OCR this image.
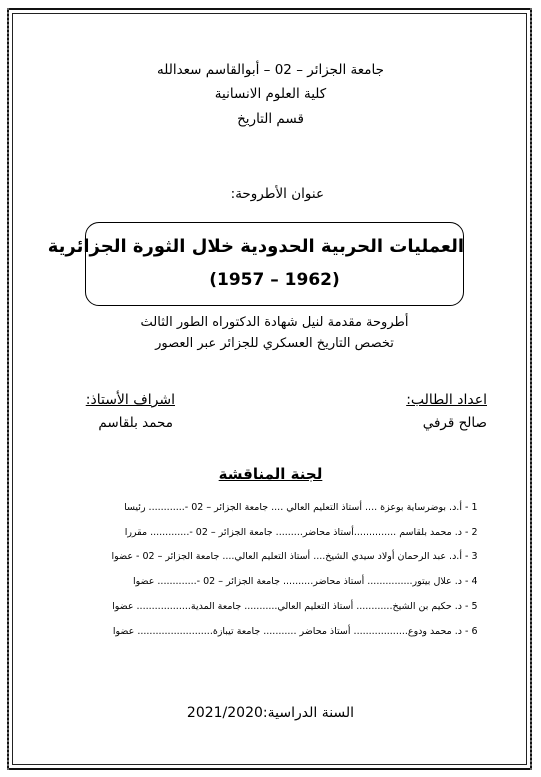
جامعة الجزائر – 02 – أبوالقاسم سعدالله
كلية العلوم الانسانية
قسم التاريخ
عنوان الأطروحة:
العمليات الحربية الحدودية خلال الثورة الجزائرية
(1957 – 1962)
أطروحة مقدمة لنيل شهادة الدكتوراه الطور الثالث
تخصص التاريخ العسكري للجزائر عبر العصور
اعداد الطالب:
صالح قرفي
اشراف الأستاذ:
محمد بلقاسم
لجنة المناقشة
1 - أ.د. بوضرساية بوعزة .... أستاذ التعليم العالي .... جامعة الجزائر – 02 -............ رئيسا
2 - د. محمد بلقاسم ..............أستاذ محاضر......... جامعة الجزائر – 02 -............. مقررا
3 - أ.د. عبد الرحمان أولاد سيدي الشيخ.... أستاذ التعليم العالي.... جامعة الجزائر – 02 - عضوا
4 - د. علال بيتور............... أستاذ محاضر.......... جامعة الجزائر – 02 -............. عضوا
5 - د. حكيم بن الشيخ............ أستاذ التعليم العالي........... جامعة المدية.................. عضوا
6 - د. محمد ودوع.................. أستاذ محاضر ........... جامعة تيبازة......................... عضوا
السنة الدراسية:2021/2020
